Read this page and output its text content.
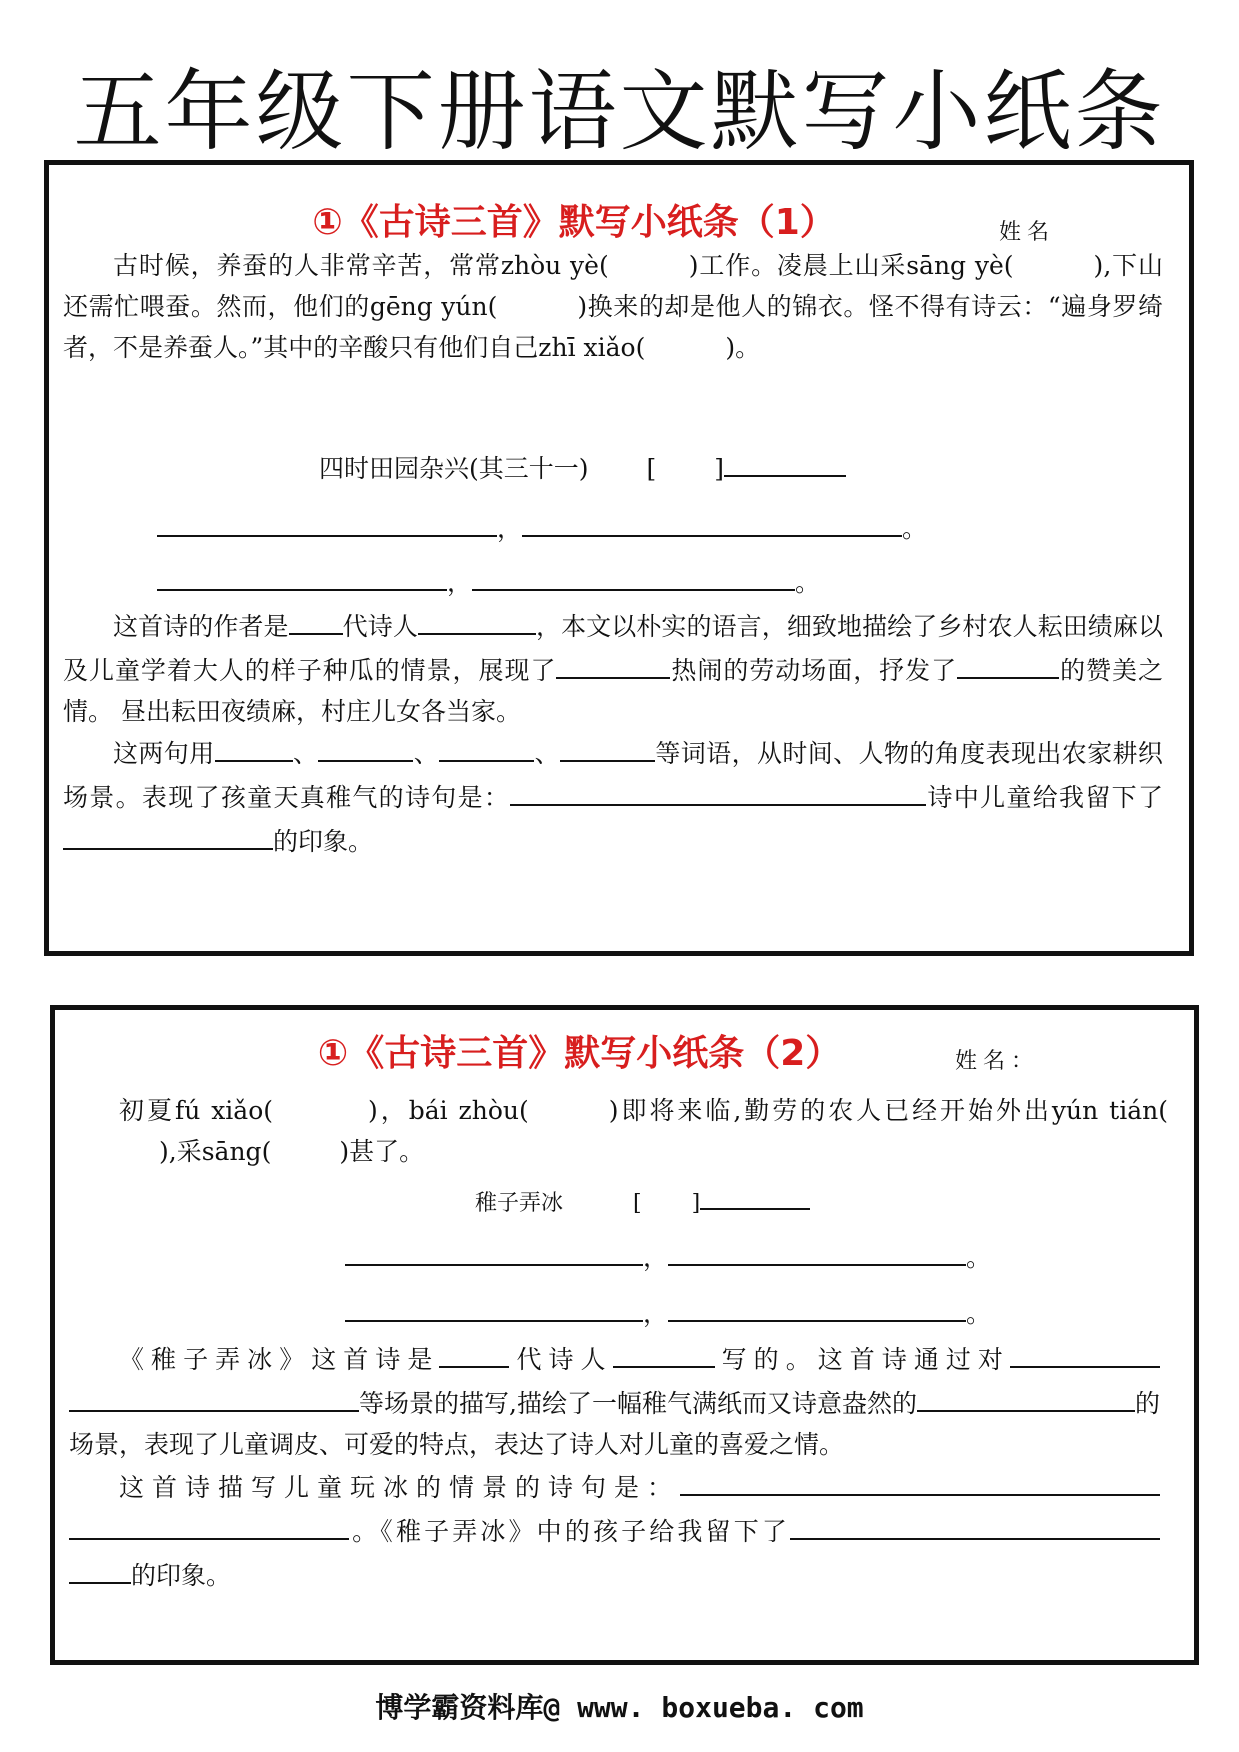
五年级下册语文默写小纸条
①《古诗三首》默写小纸条（1）	姓名

古时候，养蚕的人非常辛苦，常常zhòu yè(	)工作。凌晨上山采sāng yè(	),下山还需忙喂蚕。然而，他们的gēng yún(	)换来的却是他人的锦衣。怪不得有诗云：“遍身罗绮者，不是养蚕人。”其中的辛酸只有他们自己zhī xiǎo(	)。

四时田园杂兴(其三十一) [ ]
，	。
，	。

这首诗的作者是 代诗人	，本文以朴实的语言，细致地描绘了乡村农人耘田绩麻以及儿童学着大人的样子种瓜的情景，展现了	热闹的劳动场面，抒发了	的赞美之情。 昼出耘田夜绩麻，村庄儿女各当家。

这两句用	、	、	、	等词语，从时间、人物的角度表现出农家耕织场景。表现了孩童天真稚气的诗句是：	诗中儿童给我留下了的印象。

①《古诗三首》默写小纸条（2）	姓名：

初夏fú xiǎo(	)，bái zhòu(	)即将来临,勤劳的农人已经开始外出yún tián(),采sāng(	)甚了。

稚子弄冰	[ ]
，	。
，	。

《稚子弄冰》这首诗是	代诗人	写的。这首诗通过对等场景的描写,描绘了一幅稚气满纸而又诗意盎然的	的场景，表现了儿童调皮、可爱的特点，表达了诗人对儿童的喜爱之情。

这首诗描写儿童玩冰的情景的诗句是：。《稚子弄冰》中的孩子给我留下了的印象。

博学霸资料库@ www. boxueba. com
